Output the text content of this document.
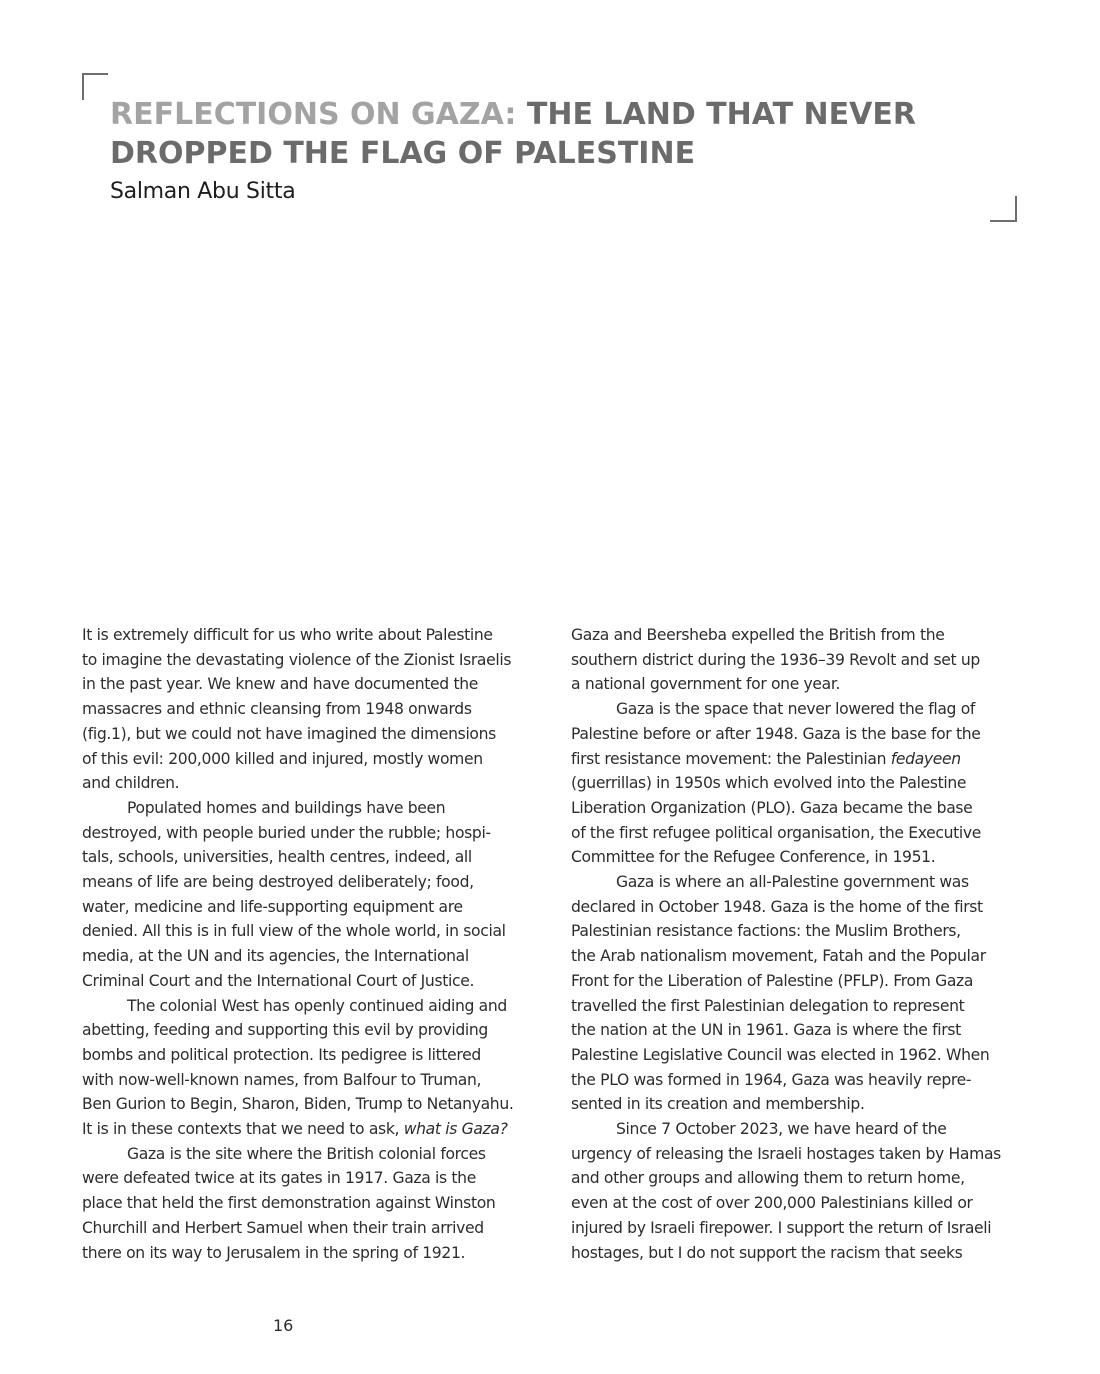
REFLECTIONS ON GAZA: THE LAND THAT NEVER
DROPPED THE FLAG OF PALESTINE
Salman Abu Sitta

It is extremely difficult for us who write about Palestine
to imagine the devastating violence of the Zionist Israelis
in the past year. We knew and have documented the
massacres and ethnic cleansing from 1948 onwards
(fig.1), but we could not have imagined the dimensions
of this evil: 200,000 killed and injured, mostly women
and children.

Populated homes and buildings have been
destroyed, with people buried under the rubble; hospi-
tals, schools, universities, health centres, indeed, all
means of life are being destroyed deliberately; food,
water, medicine and life-supporting equipment are
denied. All this is in full view of the whole world, in social
media, at the UN and its agencies, the International
Criminal Court and the International Court of Justice.

The colonial West has openly continued aiding and
abetting, feeding and supporting this evil by providing
bombs and political protection. Its pedigree is littered
with now-well-known names, from Balfour to Truman,
Ben Gurion to Begin, Sharon, Biden, Trump to Netanyahu.
It is in these contexts that we need to ask, what is Gaza?

Gaza is the site where the British colonial forces
were defeated twice at its gates in 1917. Gaza is the
place that held the first demonstration against Winston
Churchill and Herbert Samuel when their train arrived
there on its way to Jerusalem in the spring of 1921.

Gaza and Beersheba expelled the British from the
southern district during the 1936–39 Revolt and set up
a national government for one year.

Gaza is the space that never lowered the flag of
Palestine before or after 1948. Gaza is the base for the
first resistance movement: the Palestinian fedayeen
(guerrillas) in 1950s which evolved into the Palestine
Liberation Organization (PLO). Gaza became the base
of the first refugee political organisation, the Executive
Committee for the Refugee Conference, in 1951.

Gaza is where an all-Palestine government was
declared in October 1948. Gaza is the home of the first
Palestinian resistance factions: the Muslim Brothers,
the Arab nationalism movement, Fatah and the Popular
Front for the Liberation of Palestine (PFLP). From Gaza
travelled the first Palestinian delegation to represent
the nation at the UN in 1961. Gaza is where the first
Palestine Legislative Council was elected in 1962. When
the PLO was formed in 1964, Gaza was heavily repre-
sented in its creation and membership.

Since 7 October 2023, we have heard of the
urgency of releasing the Israeli hostages taken by Hamas
and other groups and allowing them to return home,
even at the cost of over 200,000 Palestinians killed or
injured by Israeli firepower. I support the return of Israeli
hostages, but I do not support the racism that seeks

16
